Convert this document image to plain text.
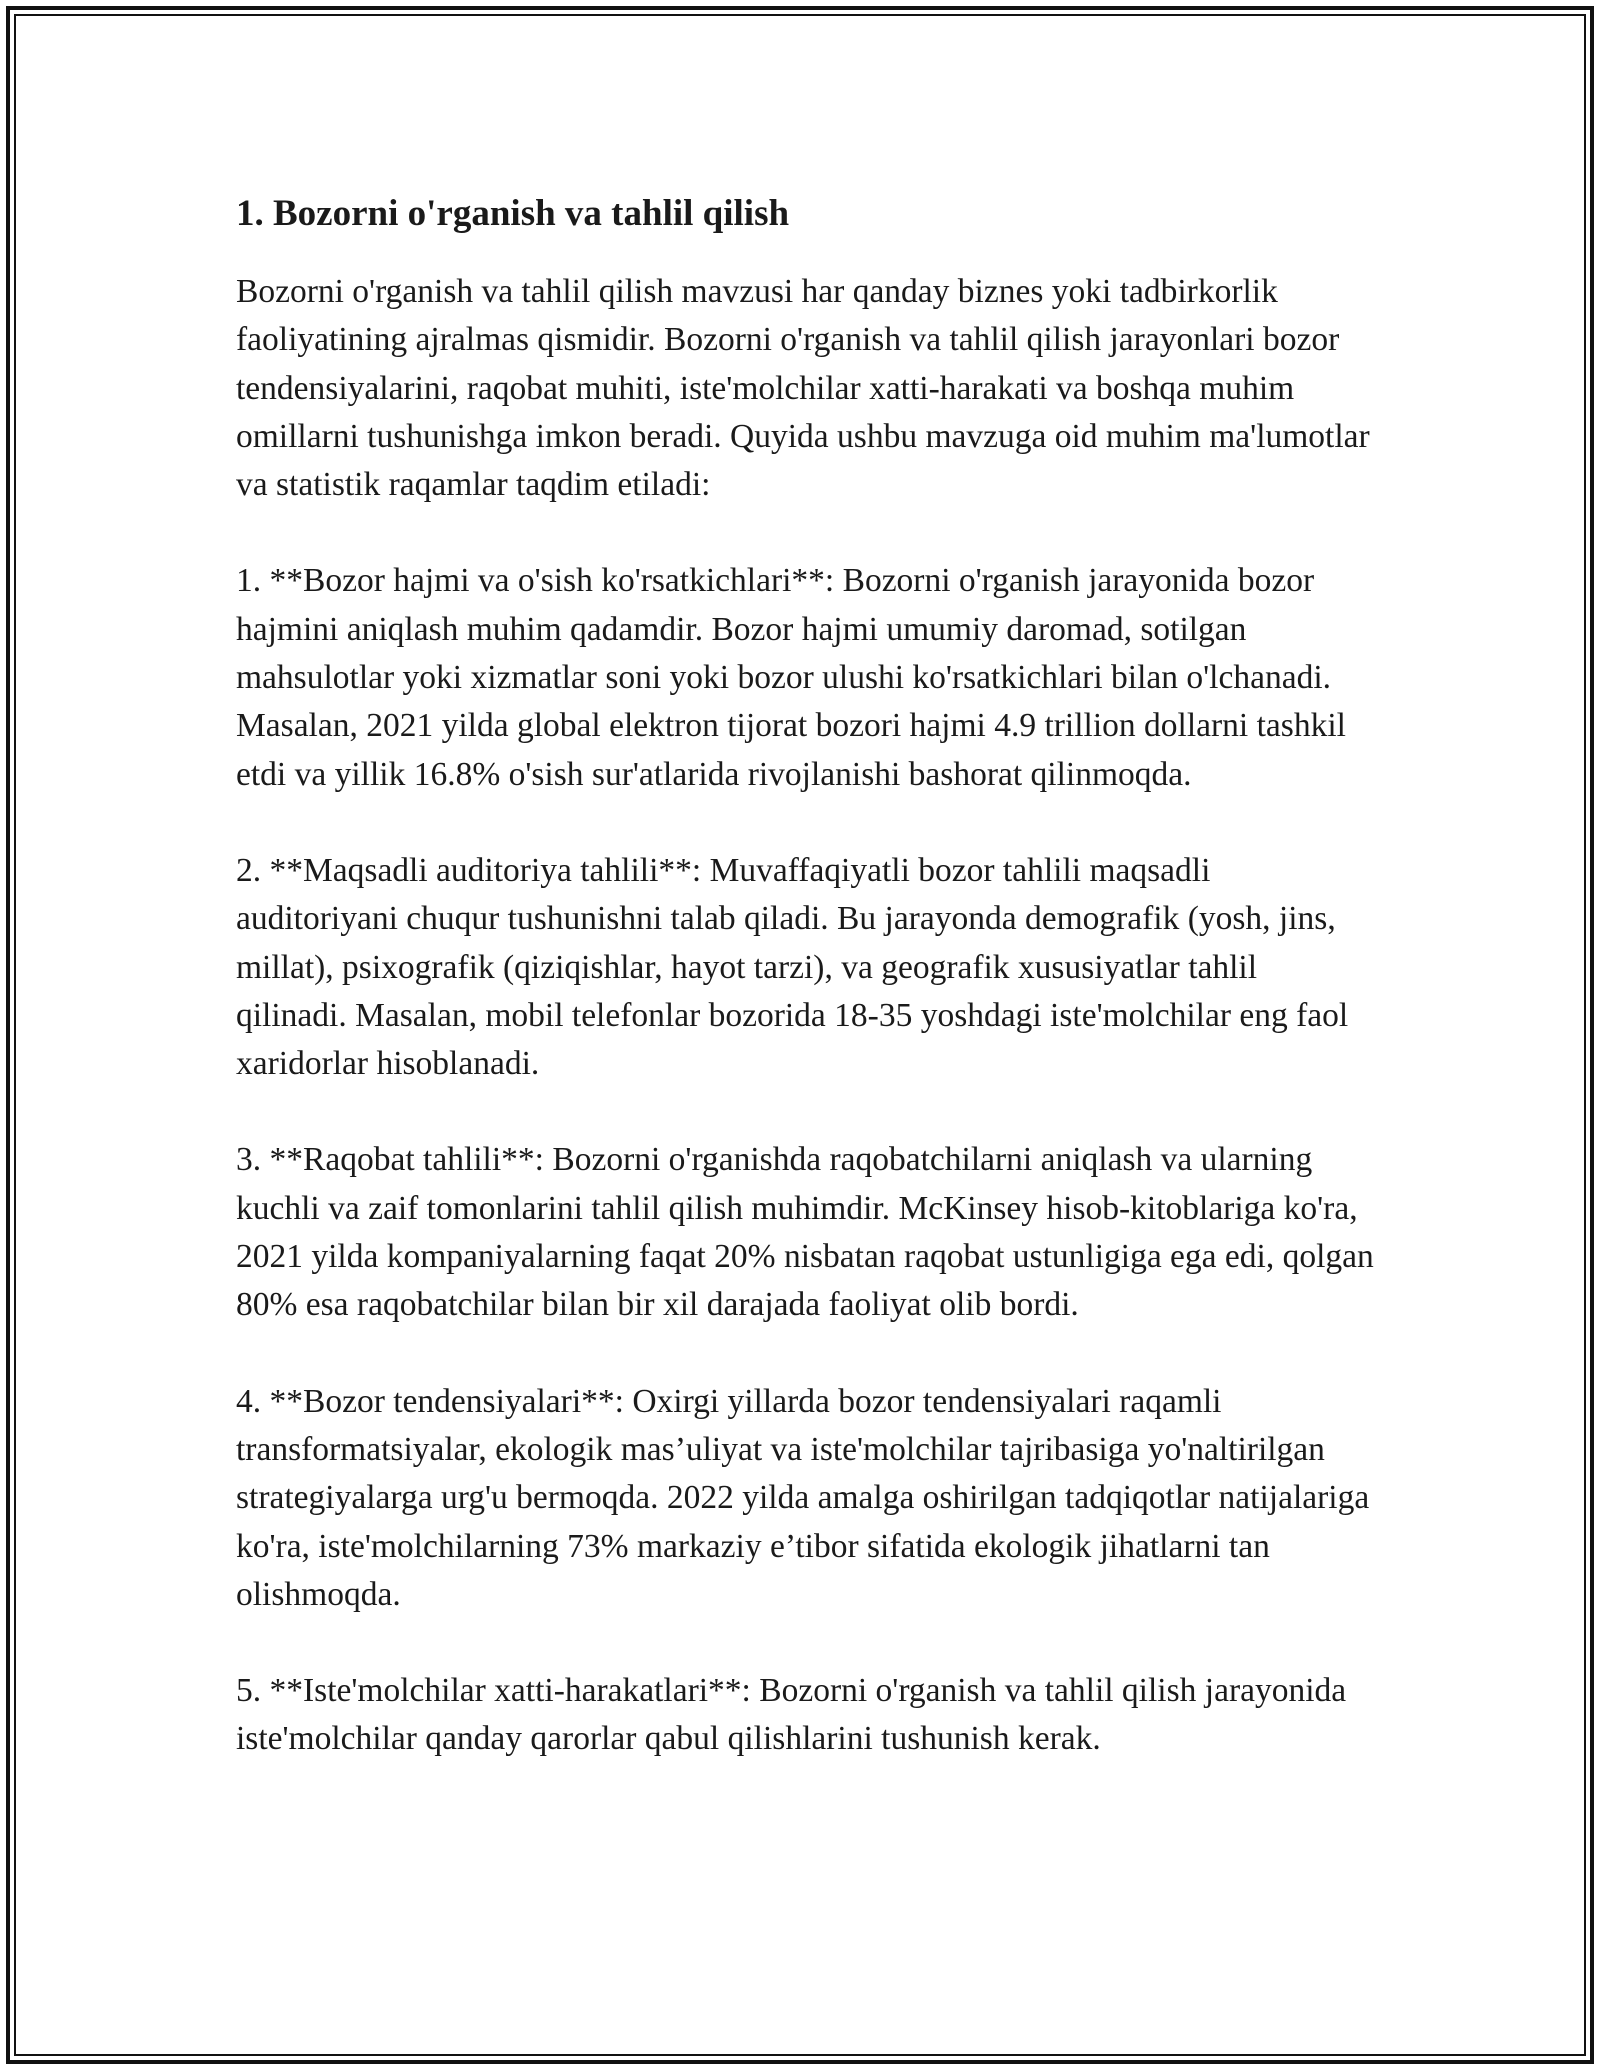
1. Bozorni o'rganish va tahlil qilish

Bozorni o'rganish va tahlil qilish mavzusi har qanday biznes yoki tadbirkorlik faoliyatining ajralmas qismidir. Bozorni o'rganish va tahlil qilish jarayonlari bozor tendensiyalarini, raqobat muhiti, iste'molchilar xatti-harakati va boshqa muhim omillarni tushunishga imkon beradi. Quyida ushbu mavzuga oid muhim ma'lumotlar va statistik raqamlar taqdim etiladi:

1. **Bozor hajmi va o'sish ko'rsatkichlari**: Bozorni o'rganish jarayonida bozor hajmini aniqlash muhim qadamdir. Bozor hajmi umumiy daromad, sotilgan mahsulotlar yoki xizmatlar soni yoki bozor ulushi ko'rsatkichlari bilan o'lchanadi. Masalan, 2021 yilda global elektron tijorat bozori hajmi 4.9 trillion dollarni tashkil etdi va yillik 16.8% o'sish sur'atlarida rivojlanishi bashorat qilinmoqda.

2. **Maqsadli auditoriya tahlili**: Muvaffaqiyatli bozor tahlili maqsadli auditoriyani chuqur tushunishni talab qiladi. Bu jarayonda demografik (yosh, jins, millat), psixografik (qiziqishlar, hayot tarzi), va geografik xususiyatlar tahlil qilinadi. Masalan, mobil telefonlar bozorida 18-35 yoshdagi iste'molchilar eng faol xaridorlar hisoblanadi.

3. **Raqobat tahlili**: Bozorni o'rganishda raqobatchilarni aniqlash va ularning kuchli va zaif tomonlarini tahlil qilish muhimdir. McKinsey hisob-kitoblariga ko'ra, 2021 yilda kompaniyalarning faqat 20% nisbatan raqobat ustunligiga ega edi, qolgan 80% esa raqobatchilar bilan bir xil darajada faoliyat olib bordi.

4. **Bozor tendensiyalari**: Oxirgi yillarda bozor tendensiyalari raqamli transformatsiyalar, ekologik mas’uliyat va iste'molchilar tajribasiga yo'naltirilgan strategiyalarga urg'u bermoqda. 2022 yilda amalga oshirilgan tadqiqotlar natijalariga ko'ra, iste'molchilarning 73% markaziy e’tibor sifatida ekologik jihatlarni tan olishmoqda.

5. **Iste'molchilar xatti-harakatlari**: Bozorni o'rganish va tahlil qilish jarayonida iste'molchilar qanday qarorlar qabul qilishlarini tushunish kerak.
